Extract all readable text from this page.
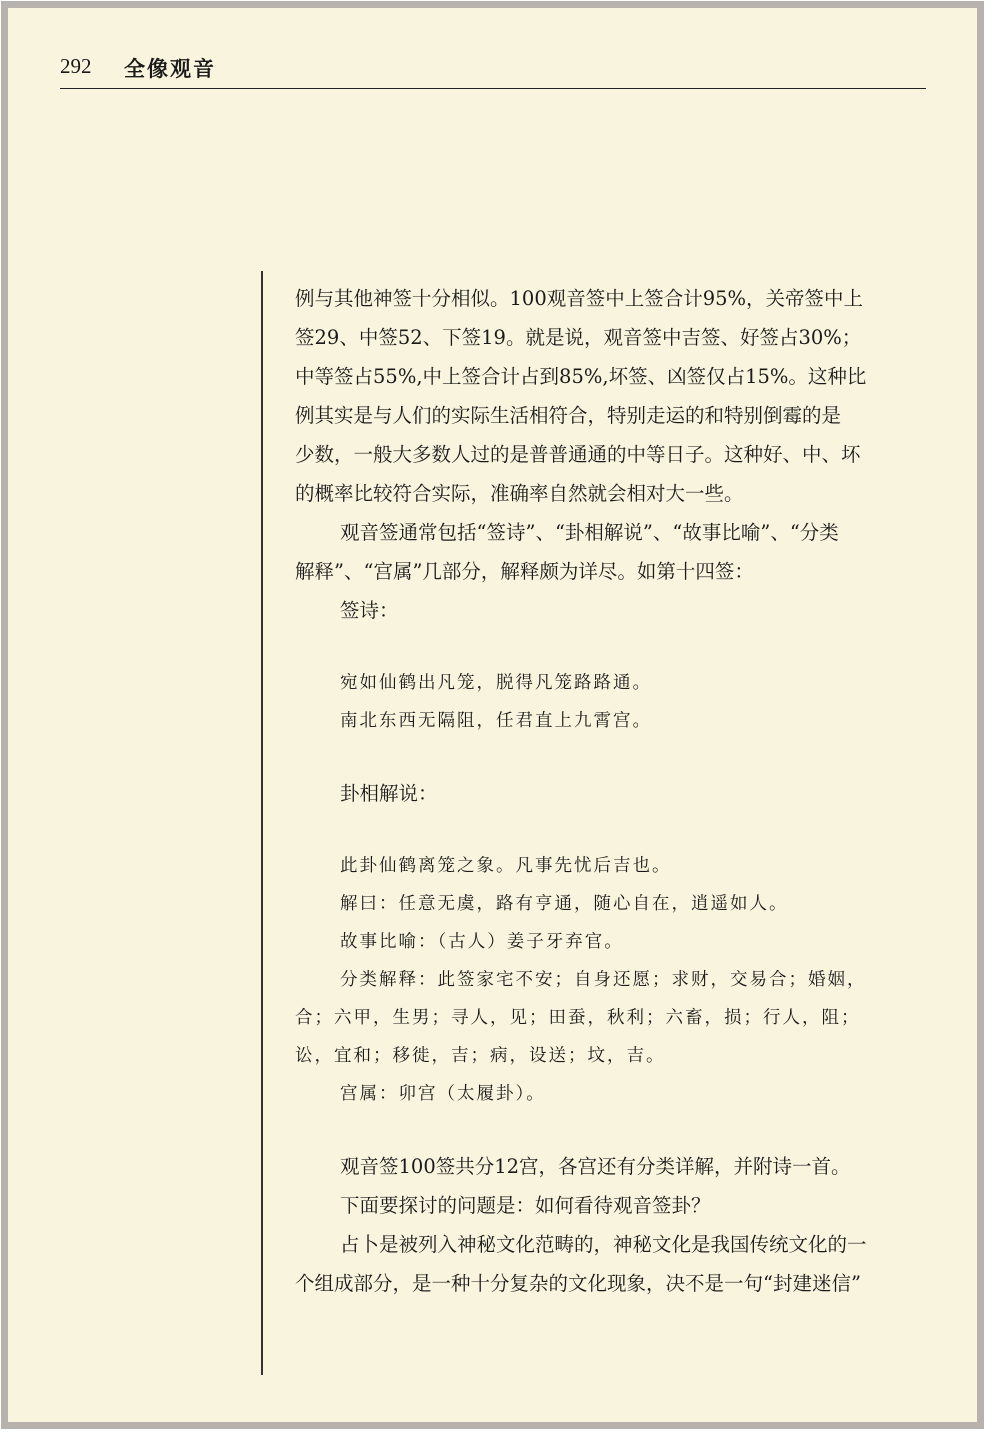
292 全像观音

例与其他神签十分相似。100观音签中上签合计95%，关帝签中上

签29、中签52、下签19。就是说，观音签中吉签、好签占30%；

中等签占55%,中上签合计占到85%,坏签、凶签仅占15%。这种比

例其实是与人们的实际生活相符合，特别走运的和特别倒霉的是

少数，一般大多数人过的是普普通通的中等日子。这种好、中、坏

的概率比较符合实际，准确率自然就会相对大一些。

观音签通常包括“签诗”、“卦相解说”、“故事比喻”、“分类

解释”、“宫属”几部分，解释颇为详尽。如第十四签：

签诗：

宛如仙鹤出凡笼，脱得凡笼路路通。

南北东西无隔阻，任君直上九霄宫。

卦相解说：

此卦仙鹤离笼之象。凡事先忧后吉也。

解曰：任意无虞，路有亨通，随心自在，逍遥如人。

故事比喻：（古人）姜子牙弃官。

分类解释：此签家宅不安；自身还愿；求财，交易合；婚姻，

合；六甲，生男；寻人，见；田蚕，秋利；六畜，损；行人，阻；

讼，宜和；移徙，吉；病，设送；坟，吉。

宫属：卯宫（太履卦）。

观音签100签共分12宫，各宫还有分类详解，并附诗一首。

下面要探讨的问题是：如何看待观音签卦？

占卜是被列入神秘文化范畴的，神秘文化是我国传统文化的一

个组成部分，是一种十分复杂的文化现象，决不是一句“封建迷信”
